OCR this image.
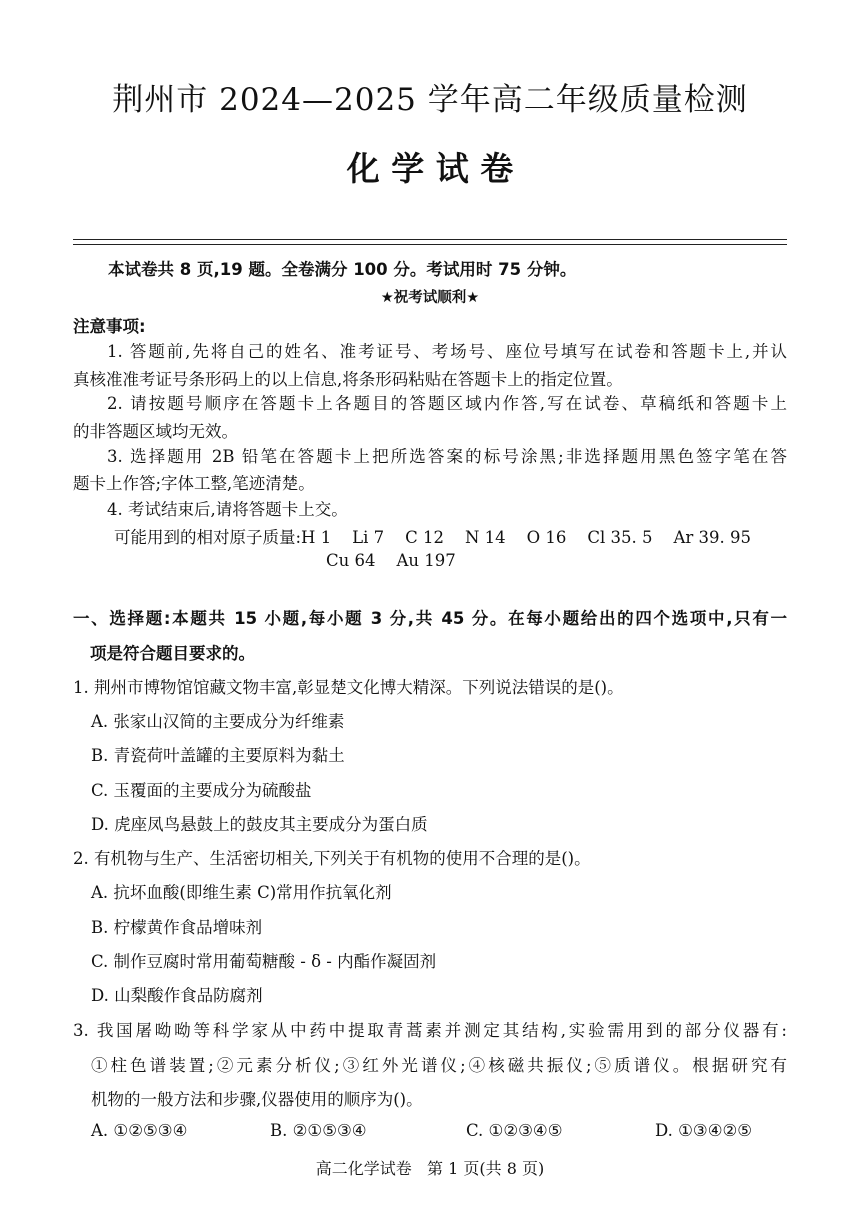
荆州市 2024—2025 学年高二年级质量检测
化 学 试 卷
本试卷共 8 页,19 题。全卷满分 100 分。考试用时 75 分钟。
★祝考试顺利★
注意事项:
1. 答题前,先将自己的姓名、准考证号、考场号、座位号填写在试卷和答题卡上,并认
真核准准考证号条形码上的以上信息,将条形码粘贴在答题卡上的指定位置。
2. 请按题号顺序在答题卡上各题目的答题区域内作答,写在试卷、草稿纸和答题卡上
的非答题区域均无效。
3. 选择题用 2B 铅笔在答题卡上把所选答案的标号涂黑;非选择题用黑色签字笔在答
题卡上作答;字体工整,笔迹清楚。
4. 考试结束后,请将答题卡上交。
可能用到的相对原子质量:H 1    Li 7    C 12    N 14    O 16    Cl 35. 5    Ar 39. 95
Cu 64    Au 197
一、选择题:本题共 15 小题,每小题 3 分,共 45 分。在每小题给出的四个选项中,只有一
项是符合题目要求的。
1. 荆州市博物馆馆藏文物丰富,彰显楚文化博大精深。下列说法错误的是()。
A. 张家山汉简的主要成分为纤维素
B. 青瓷荷叶盖罐的主要原料为黏土
C. 玉覆面的主要成分为硫酸盐
D. 虎座凤鸟悬鼓上的鼓皮其主要成分为蛋白质
2. 有机物与生产、生活密切相关,下列关于有机物的使用不合理的是()。
A. 抗坏血酸(即维生素 C)常用作抗氧化剂
B. 柠檬黄作食品增味剂
C. 制作豆腐时常用葡萄糖酸 - δ - 内酯作凝固剂
D. 山梨酸作食品防腐剂
3. 我国屠呦呦等科学家从中药中提取青蒿素并测定其结构,实验需用到的部分仪器有:
①柱色谱装置;②元素分析仪;③红外光谱仪;④核磁共振仪;⑤质谱仪。根据研究有
机物的一般方法和步骤,仪器使用的顺序为()。
A. ①②⑤③④	B. ②①⑤③④	C. ①②③④⑤	D. ①③④②⑤
高二化学试卷   第 1 页(共 8 页)
